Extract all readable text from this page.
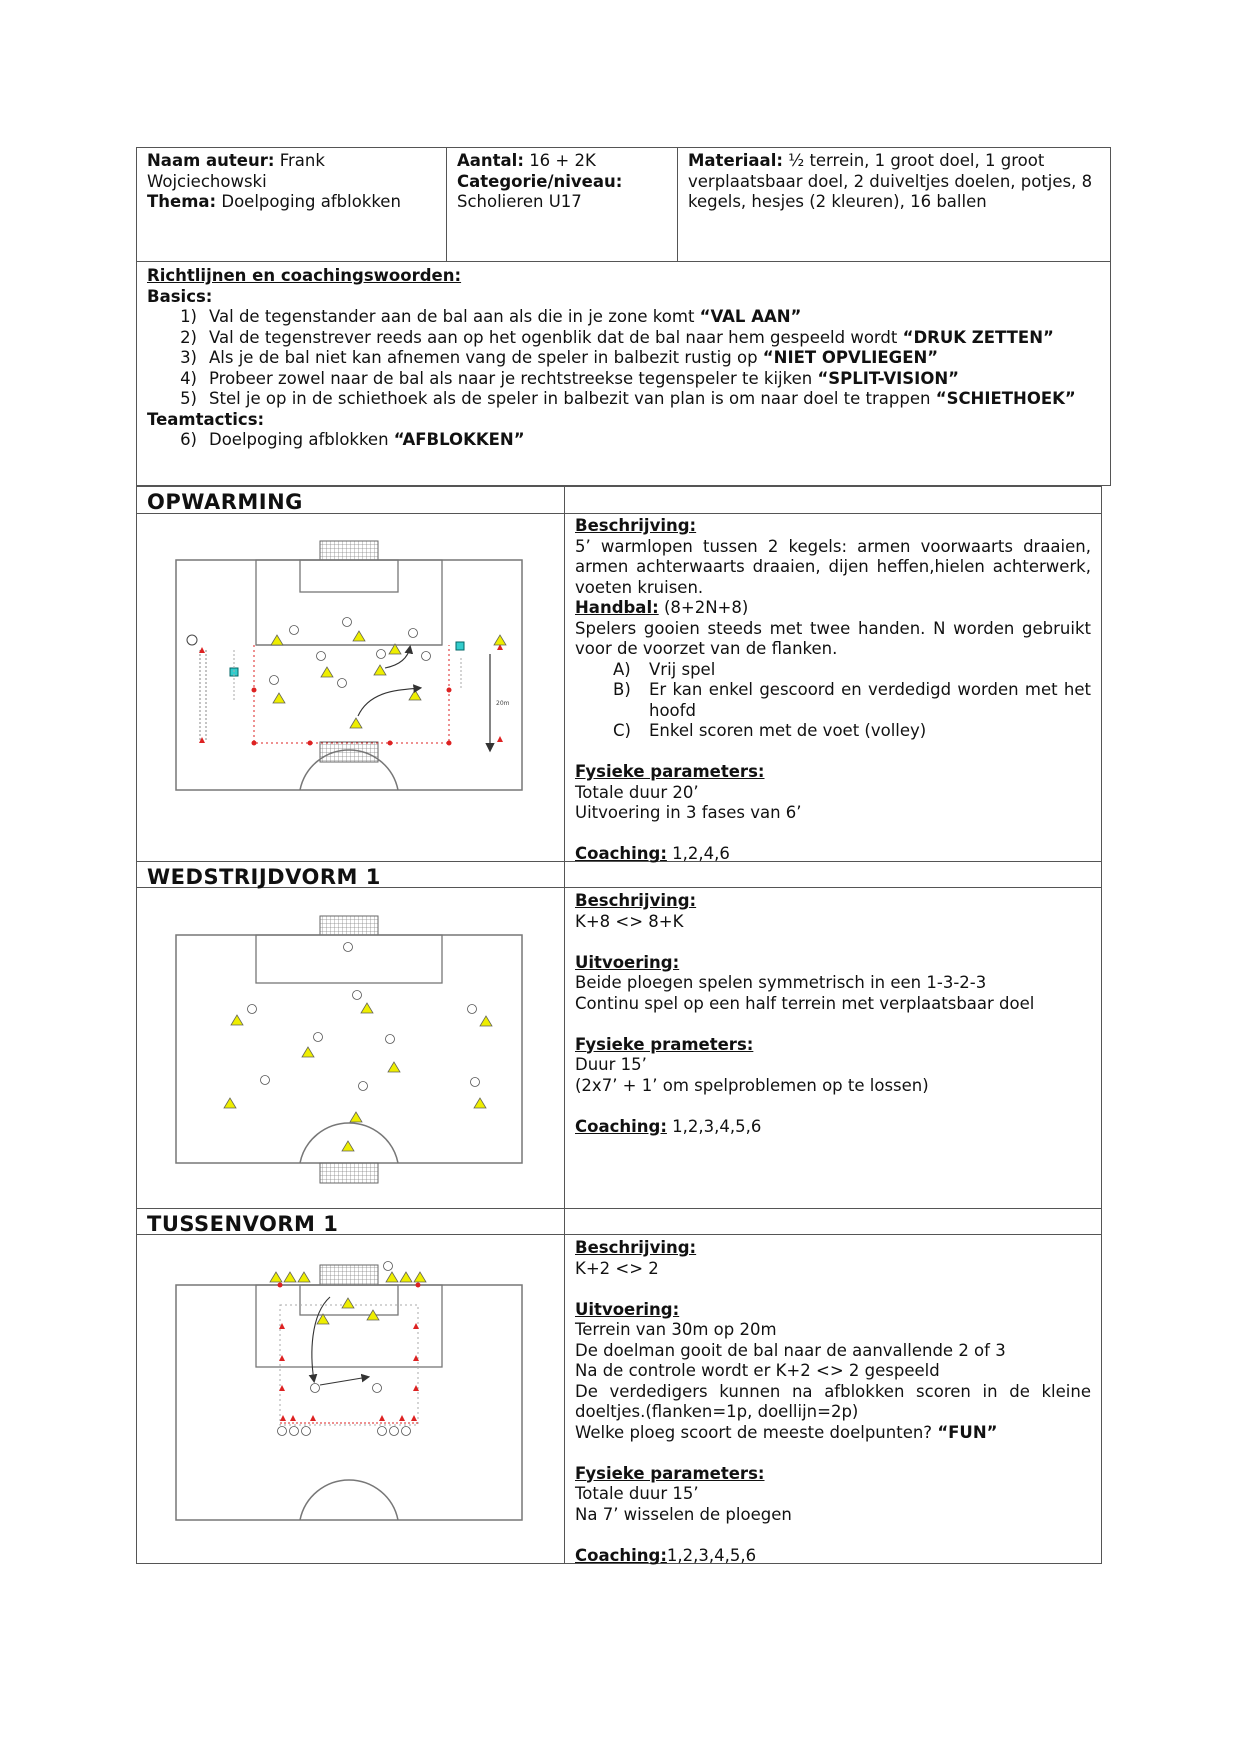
Naam auteur: Frank Wojciechowski
Thema: Doelpoging afblokken
Aantal: 16 + 2K
Categorie/niveau:
Scholieren U17
Materiaal: ½ terrein, 1 groot doel, 1 groot verplaatsbaar doel, 2 duiveltjes doelen, potjes, 8 kegels, hesjes (2 kleuren), 16 ballen
Richtlijnen en coachingswoorden:
Basics:
1) Val de tegenstander aan de bal aan als die in je zone komt “VAL AAN”
2) Val de tegenstrever reeds aan op het ogenblik dat de bal naar hem gespeeld wordt “DRUK ZETTEN”
3) Als je de bal niet kan afnemen vang de speler in balbezit rustig op “NIET OPVLIEGEN”
4) Probeer zowel naar de bal als naar je rechtstreekse tegenspeler te kijken “SPLIT-VISION”
5) Stel je op in de schiethoek als de speler in balbezit van plan is om naar doel te trappen “SCHIETHOEK”
Teamtactics:
6) Doelpoging afblokken “AFBLOKKEN”
OPWARMING
WEDSTRIJDVORM 1
TUSSENVORM 1
Beschrijving:
5’ warmlopen tussen 2 kegels: armen voorwaarts draaien, armen achterwaarts draaien, dijen heffen,hielen achterwerk, voeten kruisen.
Handbal: (8+2N+8)
Spelers gooien steeds met twee handen. N worden gebruikt voor de voorzet van de flanken.
A)	Vrij spel
B)	Er kan enkel gescoord en verdedigd worden met het hoofd
C)	Enkel scoren met de voet (volley)
Fysieke parameters:
Totale duur 20’
Uitvoering in 3 fases van 6’
Coaching: 1,2,4,6
Beschrijving:
K+8 <> 8+K
Uitvoering:
Beide ploegen spelen symmetrisch in een 1-3-2-3
Continu spel op een half terrein met verplaatsbaar doel
Fysieke prameters:
Duur 15’
(2x7’ + 1’ om spelproblemen op te lossen)
Coaching: 1,2,3,4,5,6
Beschrijving:
K+2 <> 2
Uitvoering:
Terrein van 30m op 20m
De doelman gooit de bal naar de aanvallende 2 of 3
Na de controle wordt er K+2 <> 2 gespeeld
De verdedigers kunnen na afblokken scoren in de kleine doeltjes.(flanken=1p, doellijn=2p)
Welke ploeg scoort de meeste doelpunten? “FUN”
Fysieke parameters:
Totale duur 15’
Na 7’ wisselen de ploegen
Coaching:1,2,3,4,5,6
20m
